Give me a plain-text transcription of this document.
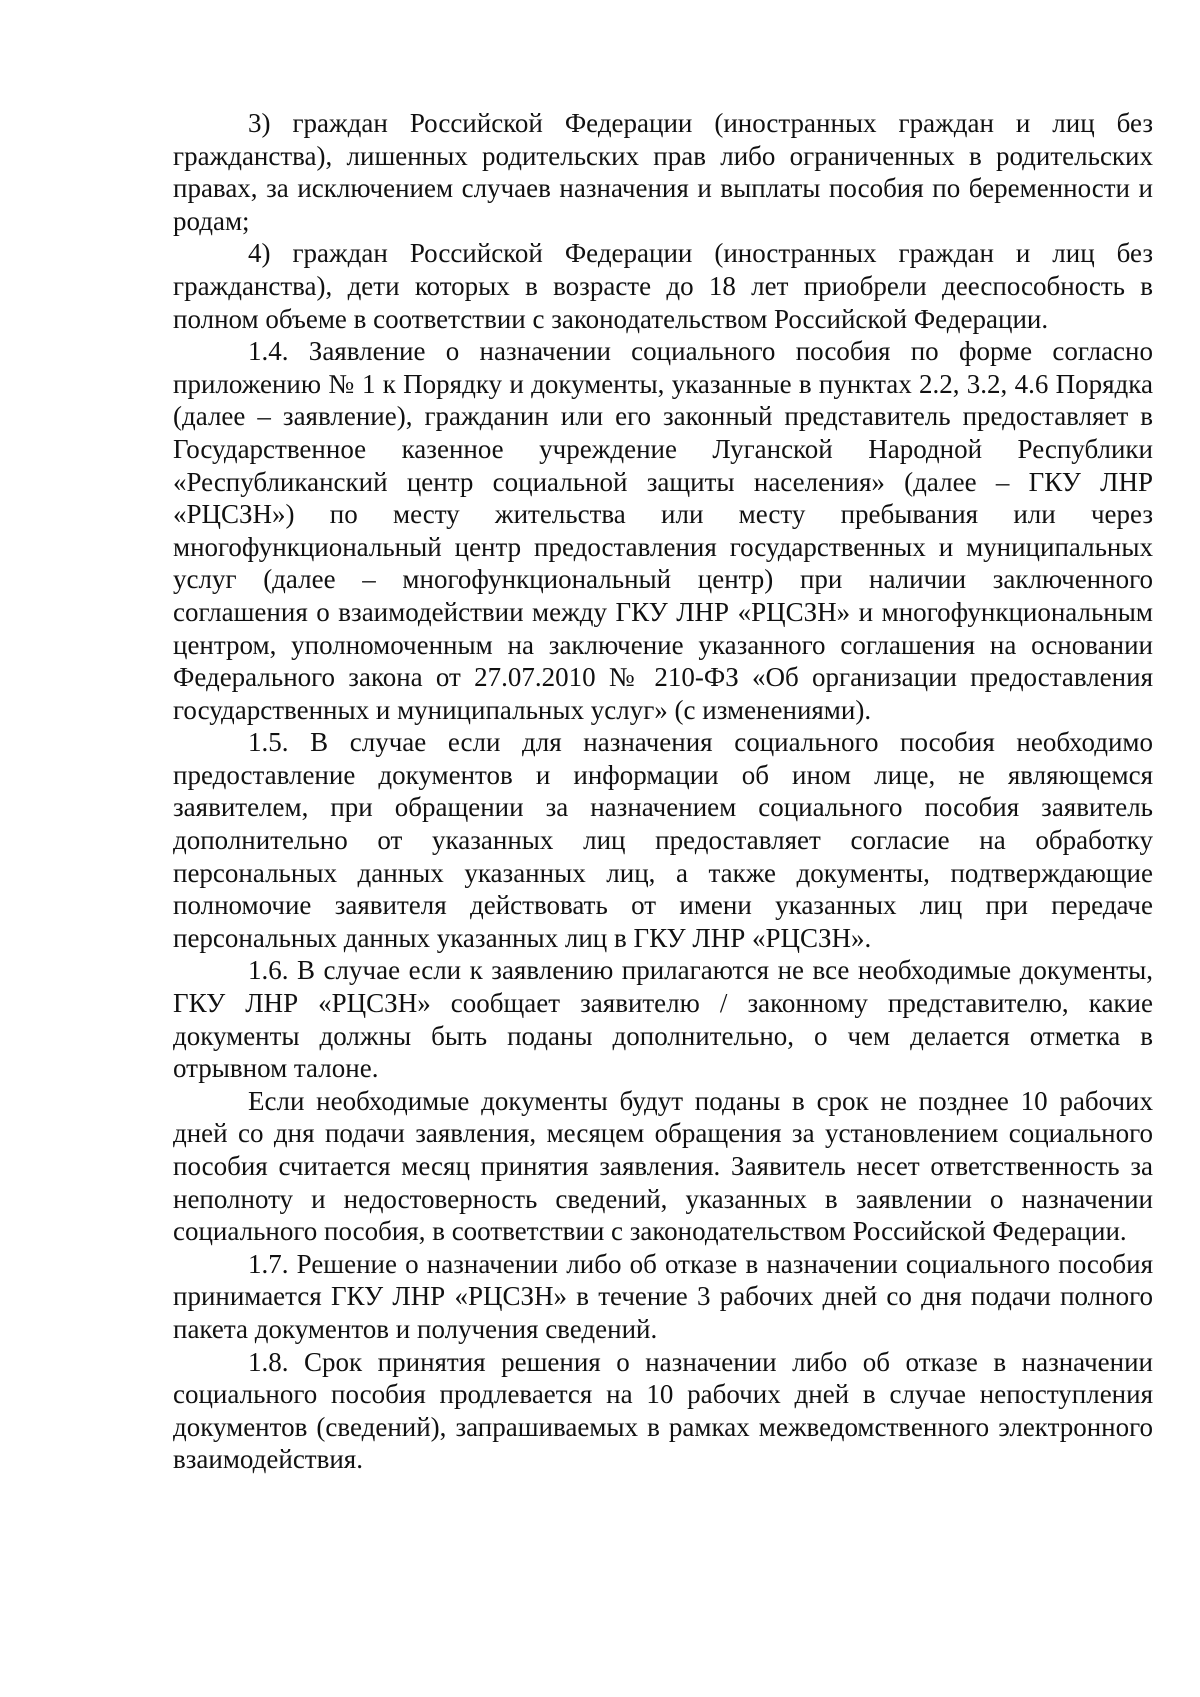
3) граждан Российской Федерации (иностранных граждан и лиц без гражданства), лишенных родительских прав либо ограниченных в родительских правах, за исключением случаев назначения и выплаты пособия по беременности и родам;

4) граждан Российской Федерации (иностранных граждан и лиц без гражданства), дети которых в возрасте до 18 лет приобрели дееспособность в полном объеме в соответствии с законодательством Российской Федерации.

1.4. Заявление о назначении социального пособия по форме согласно приложению № 1 к Порядку и документы, указанные в пунктах 2.2, 3.2, 4.6 Порядка (далее – заявление), гражданин или его законный представитель предоставляет в Государственное казенное учреждение Луганской Народной Республики «Республиканский центр социальной защиты населения» (далее – ГКУ ЛНР «РЦСЗН») по месту жительства или месту пребывания или через многофункциональный центр предоставления государственных и муниципальных услуг (далее – многофункциональный центр) при наличии заключенного соглашения о взаимодействии между ГКУ ЛНР «РЦСЗН» и многофункциональным центром, уполномоченным на заключение указанного соглашения на основании Федерального закона от 27.07.2010 № 210-ФЗ «Об организации предоставления государственных и муниципальных услуг» (с изменениями).

1.5. В случае если для назначения социального пособия необходимо предоставление документов и информации об ином лице, не являющемся заявителем, при обращении за назначением социального пособия заявитель дополнительно от указанных лиц предоставляет согласие на обработку персональных данных указанных лиц, а также документы, подтверждающие полномочие заявителя действовать от имени указанных лиц при передаче персональных данных указанных лиц в ГКУ ЛНР «РЦСЗН».

1.6. В случае если к заявлению прилагаются не все необходимые документы, ГКУ ЛНР «РЦСЗН» сообщает заявителю / законному представителю, какие документы должны быть поданы дополнительно, о чем делается отметка в отрывном талоне.

Если необходимые документы будут поданы в срок не позднее 10 рабочих дней со дня подачи заявления, месяцем обращения за установлением социального пособия считается месяц принятия заявления. Заявитель несет ответственность за неполноту и недостоверность сведений, указанных в заявлении о назначении социального пособия, в соответствии с законодательством Российской Федерации.

1.7. Решение о назначении либо об отказе в назначении социального пособия принимается ГКУ ЛНР «РЦСЗН» в течение 3 рабочих дней со дня подачи полного пакета документов и получения сведений.

1.8. Срок принятия решения о назначении либо об отказе в назначении социального пособия продлевается на 10 рабочих дней в случае непоступления документов (сведений), запрашиваемых в рамках межведомственного электронного взаимодействия.
